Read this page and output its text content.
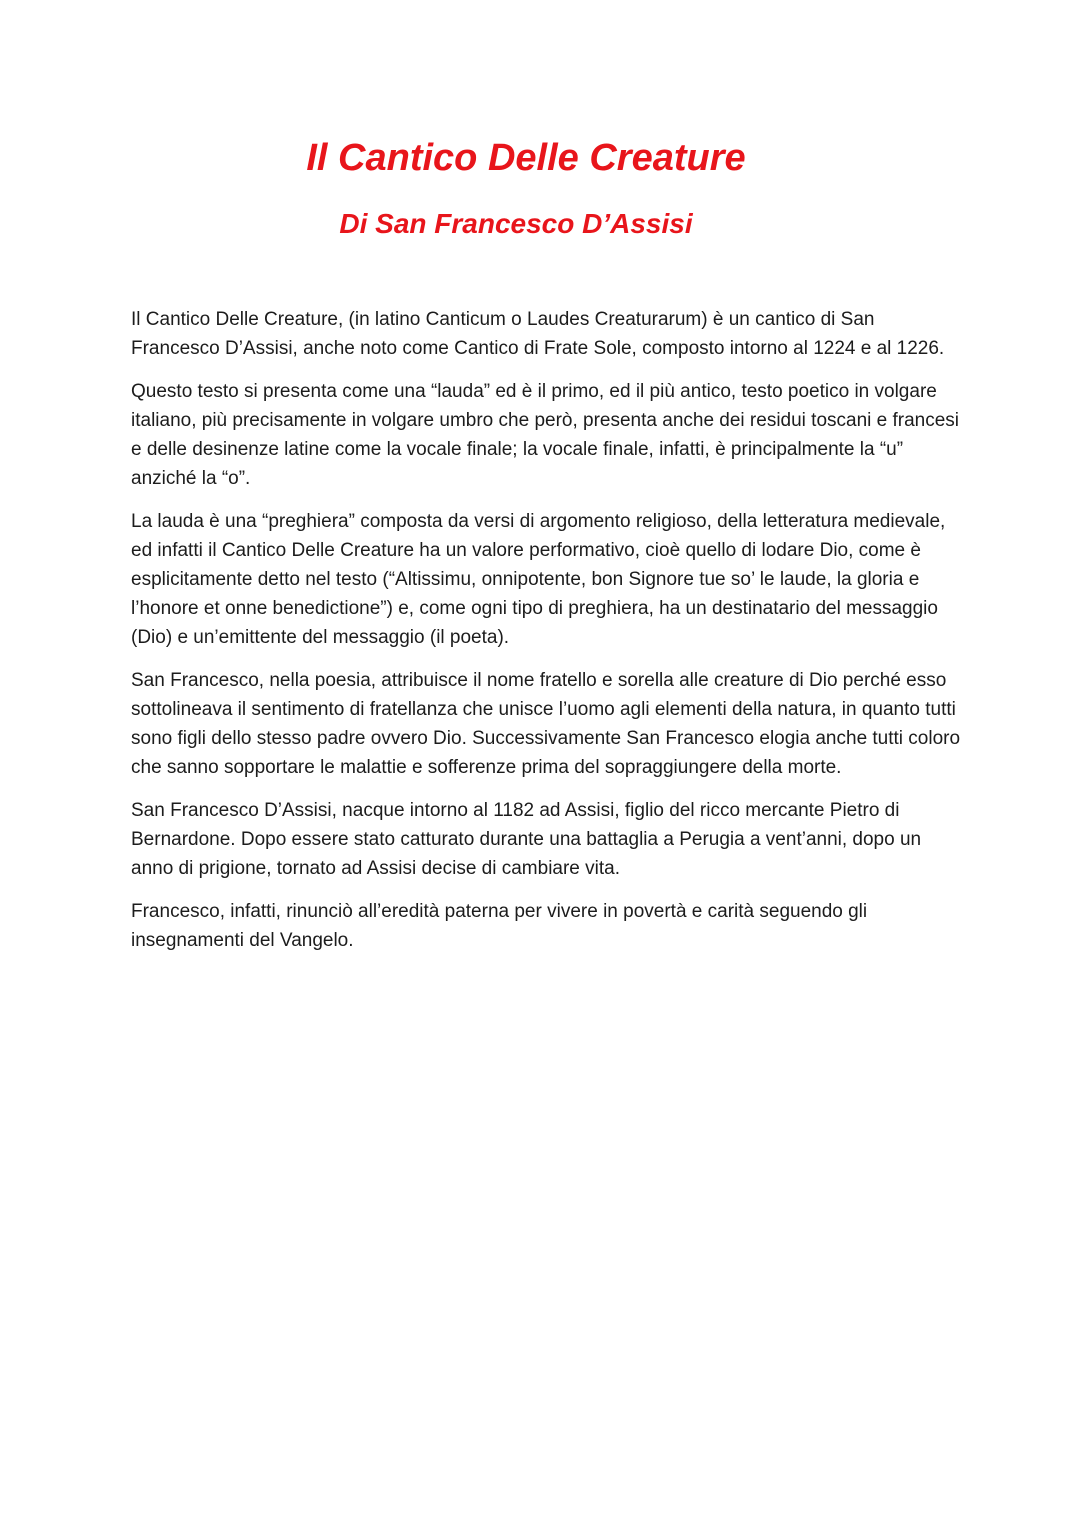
Il Cantico Delle Creature
Di San Francesco D’Assisi

Il Cantico Delle Creature, (in latino Canticum o Laudes Creaturarum) è un cantico di San Francesco D’Assisi, anche noto come Cantico di Frate Sole, composto intorno al 1224 e al 1226.

Questo testo si presenta come una “lauda” ed è il primo, ed il più antico, testo poetico in volgare italiano, più precisamente in volgare umbro che però, presenta anche dei residui toscani e francesi e delle desinenze latine come la vocale finale; la vocale finale, infatti, è principalmente la “u” anziché la “o”.

La lauda è una “preghiera” composta da versi di argomento religioso, della letteratura medievale, ed infatti il Cantico Delle Creature ha un valore performativo, cioè quello di lodare Dio, come è esplicitamente detto nel testo (“Altissimu, onnipotente, bon Signore tue so’ le laude, la gloria e l’honore et onne benedictione”) e, come ogni tipo di preghiera, ha un destinatario del messaggio (Dio) e un’emittente del messaggio (il poeta).

San Francesco, nella poesia, attribuisce il nome fratello e sorella alle creature di Dio perché esso sottolineava il sentimento di fratellanza che unisce l’uomo agli elementi della natura, in quanto tutti sono figli dello stesso padre ovvero Dio. Successivamente San Francesco elogia anche tutti coloro che sanno sopportare le malattie e sofferenze prima del sopraggiungere della morte.

San Francesco D’Assisi, nacque intorno al 1182 ad Assisi, figlio del ricco mercante Pietro di Bernardone. Dopo essere stato catturato durante una battaglia a Perugia a vent’anni, dopo un anno di prigione, tornato ad Assisi decise di cambiare vita.

Francesco, infatti, rinunciò all’eredità paterna per vivere in povertà e carità seguendo gli insegnamenti del Vangelo.
